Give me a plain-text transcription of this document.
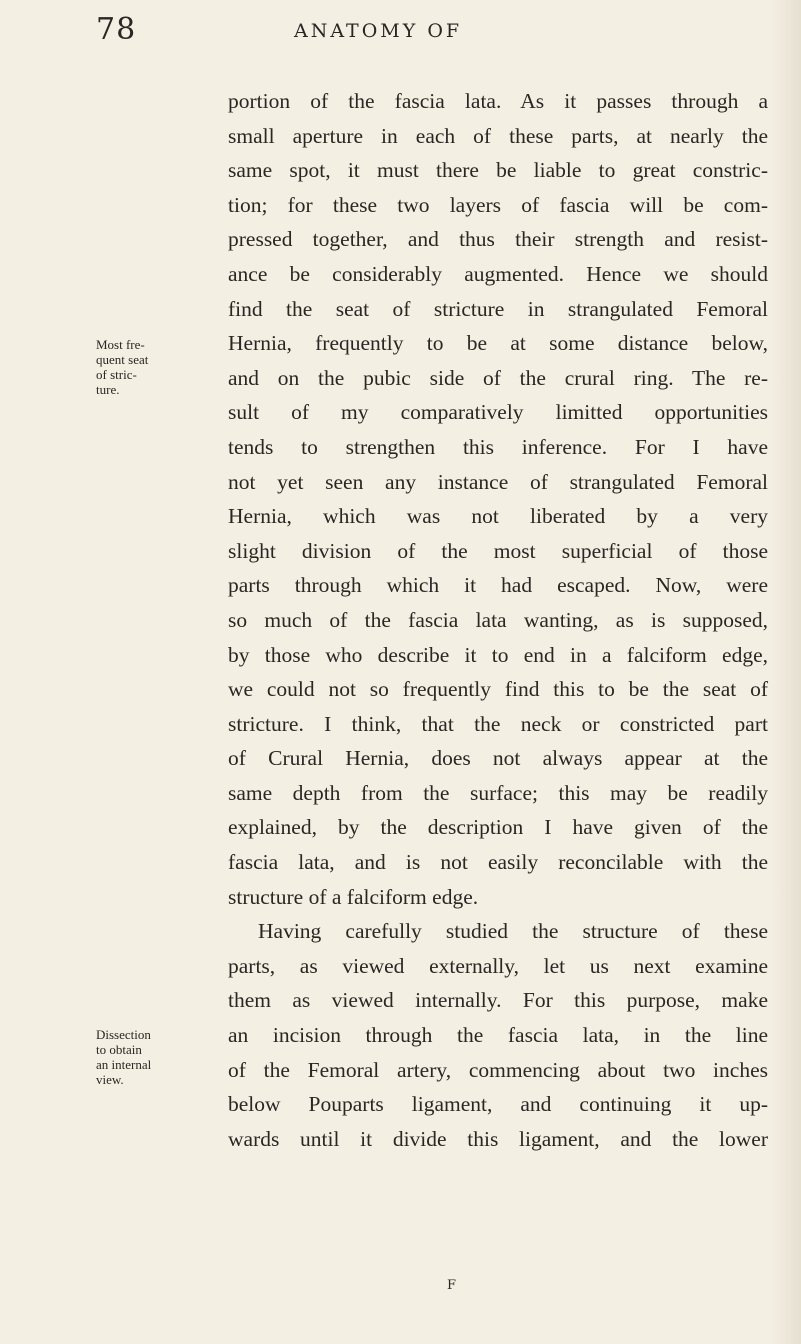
78	ANATOMY OF
Most fre-
quent seat
of stric-
ture.
Dissection
to obtain
an internal
view.
portion of the fascia lata. As it passes through a
small aperture in each of these parts, at nearly the
same spot, it must there be liable to great constric-
tion; for these two layers of fascia will be com-
pressed together, and thus their strength and resist-
ance be considerably augmented. Hence we should
find the seat of stricture in strangulated Femoral
Hernia, frequently to be at some distance below,
and on the pubic side of the crural ring. The re-
sult of my comparatively limitted opportunities
tends to strengthen this inference. For I have
not yet seen any instance of strangulated Femoral
Hernia, which was not liberated by a very
slight division of the most superficial of those
parts through which it had escaped. Now, were
so much of the fascia lata wanting, as is supposed,
by those who describe it to end in a falciform edge,
we could not so frequently find this to be the seat of
stricture. I think, that the neck or constricted part
of Crural Hernia, does not always appear at the
same depth from the surface; this may be readily
explained, by the description I have given of the
fascia lata, and is not easily reconcilable with the
structure of a falciform edge.
Having carefully studied the structure of these
parts, as viewed externally, let us next examine
them as viewed internally. For this purpose, make
an incision through the fascia lata, in the line
of the Femoral artery, commencing about two inches
below Pouparts ligament, and continuing it up-
wards until it divide this ligament, and the lower
F
